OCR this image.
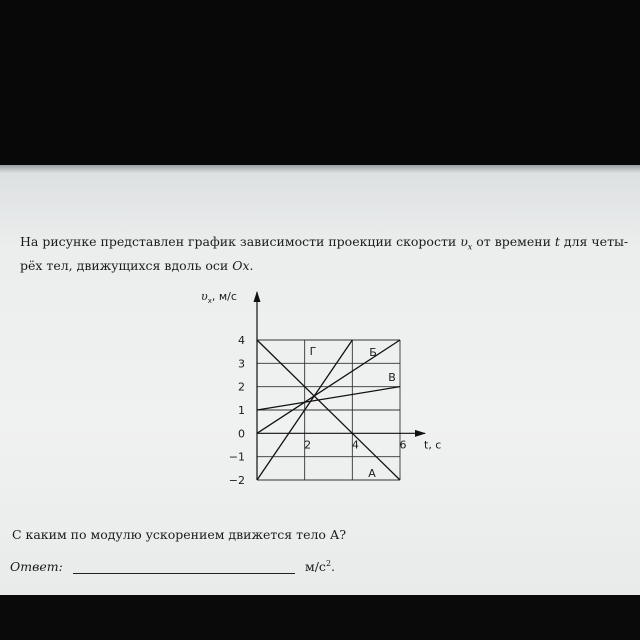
На рисунке представлен график зависимости проекции скорости $\upsilon_x$ от времени t для четы-
рёх тел, движущихся вдоль оси Ox.

А
Б
В
Г
4
3
2
1
0
−1
−2
2	4	6
$\upsilon_x$, м/с
t, с
С каким по модулю ускорением движется тело А?
Ответ:	$м/с^2$.
